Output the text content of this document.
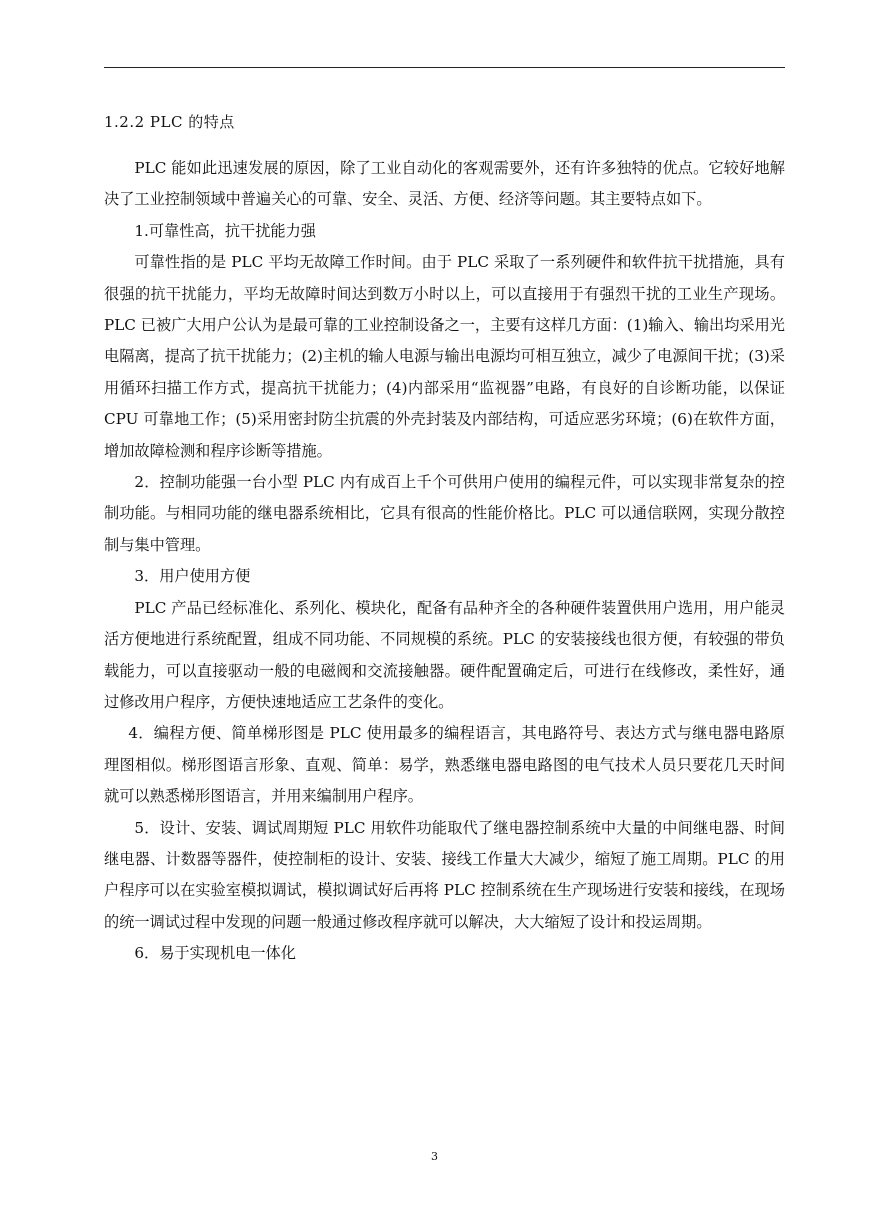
1.2.2 PLC 的特点

PLC 能如此迅速发展的原因，除了工业自动化的客观需要外，还有许多独特的优点。它较好地解决了工业控制领域中普遍关心的可靠、安全、灵活、方便、经济等问题。其主要特点如下。

1.可靠性高，抗干扰能力强

可靠性指的是 PLC 平均无故障工作时间。由于 PLC 采取了一系列硬件和软件抗干扰措施，具有很强的抗干扰能力，平均无故障时间达到数万小时以上，可以直接用于有强烈干扰的工业生产现场。PLC 已被广大用户公认为是最可靠的工业控制设备之一，主要有这样几方面：(1)输入、输出均采用光电隔离，提高了抗干扰能力；(2)主机的输人电源与输出电源均可相互独立，减少了电源间干扰；(3)采用循环扫描工作方式，提高抗干扰能力；(4)内部采用“监视器”电路，有良好的自诊断功能，以保证 CPU 可靠地工作；(5)采用密封防尘抗震的外壳封装及内部结构，可适应恶劣环境；(6)在软件方面，增加故障检测和程序诊断等措施。

2．控制功能强一台小型 PLC 内有成百上千个可供用户使用的编程元件，可以实现非常复杂的控制功能。与相同功能的继电器系统相比，它具有很高的性能价格比。PLC 可以通信联网，实现分散控制与集中管理。

3．用户使用方便

PLC 产品已经标准化、系列化、模块化，配备有品种齐全的各种硬件装置供用户选用，用户能灵活方便地进行系统配置，组成不同功能、不同规模的系统。PLC 的安装接线也很方便，有较强的带负载能力，可以直接驱动一般的电磁阀和交流接触器。硬件配置确定后，可进行在线修改，柔性好，通过修改用户程序，方便快速地适应工艺条件的变化。

4．编程方便、简单梯形图是 PLC 使用最多的编程语言，其电路符号、表达方式与继电器电路原理图相似。梯形图语言形象、直观、简单：易学，熟悉继电器电路图的电气技术人员只要花几天时间就可以熟悉梯形图语言，并用来编制用户程序。

5．设计、安装、调试周期短 PLC 用软件功能取代了继电器控制系统中大量的中间继电器、时间继电器、计数器等器件，使控制柜的设计、安装、接线工作量大大减少，缩短了施工周期。PLC 的用户程序可以在实验室模拟调试，模拟调试好后再将 PLC 控制系统在生产现场进行安装和接线，在现场的统一调试过程中发现的问题一般通过修改程序就可以解决，大大缩短了设计和投运周期。

6．易于实现机电一体化

3
